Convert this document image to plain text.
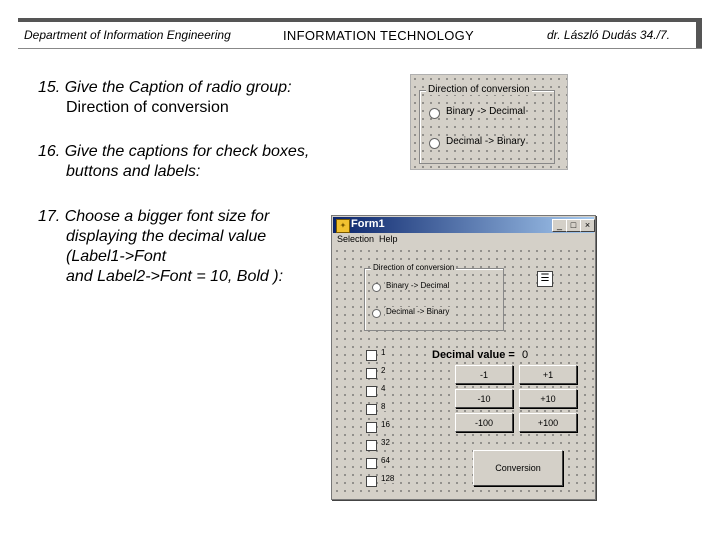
Department of Information Engineering	INFORMATION TECHNOLOGY	dr. László Dudás 34./7.
15. Give the Caption of radio group:
Direction of conversion
16. Give the captions for check boxes,
buttons and labels:
17. Choose a bigger font size for
displaying the decimal value
(Label1->Font
and Label2->Font = 10, Bold ):
Direction of conversion
Binary -> Decimal
Decimal -> Binary
✦ Form1	_ □ ×
Selection Help
☰
Direction of conversion
Binary -> Decimal
Decimal -> Binary
1
2
4
8
16
32
64
128
Decimal value = 0
-1	+1
-10	+10
-100	+100
Conversion
